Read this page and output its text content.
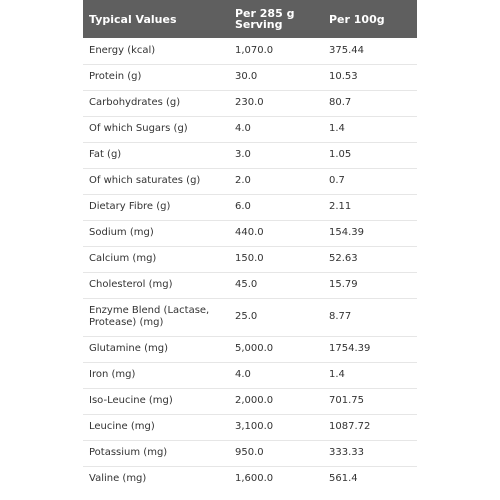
Typical Values	Per 285 g Serving	Per 100g
Energy (kcal)	1,070.0	375.44
Protein (g)	30.0	10.53
Carbohydrates (g)	230.0	80.7
Of which Sugars (g)	4.0	1.4
Fat (g)	3.0	1.05
Of which saturates (g)	2.0	0.7
Dietary Fibre (g)	6.0	2.11
Sodium (mg)	440.0	154.39
Calcium (mg)	150.0	52.63
Cholesterol (mg)	45.0	15.79
Enzyme Blend (Lactase, Protease) (mg)	25.0	8.77
Glutamine (mg)	5,000.0	1754.39
Iron (mg)	4.0	1.4
Iso-Leucine (mg)	2,000.0	701.75
Leucine (mg)	3,100.0	1087.72
Potassium (mg)	950.0	333.33
Valine (mg)	1,600.0	561.4
